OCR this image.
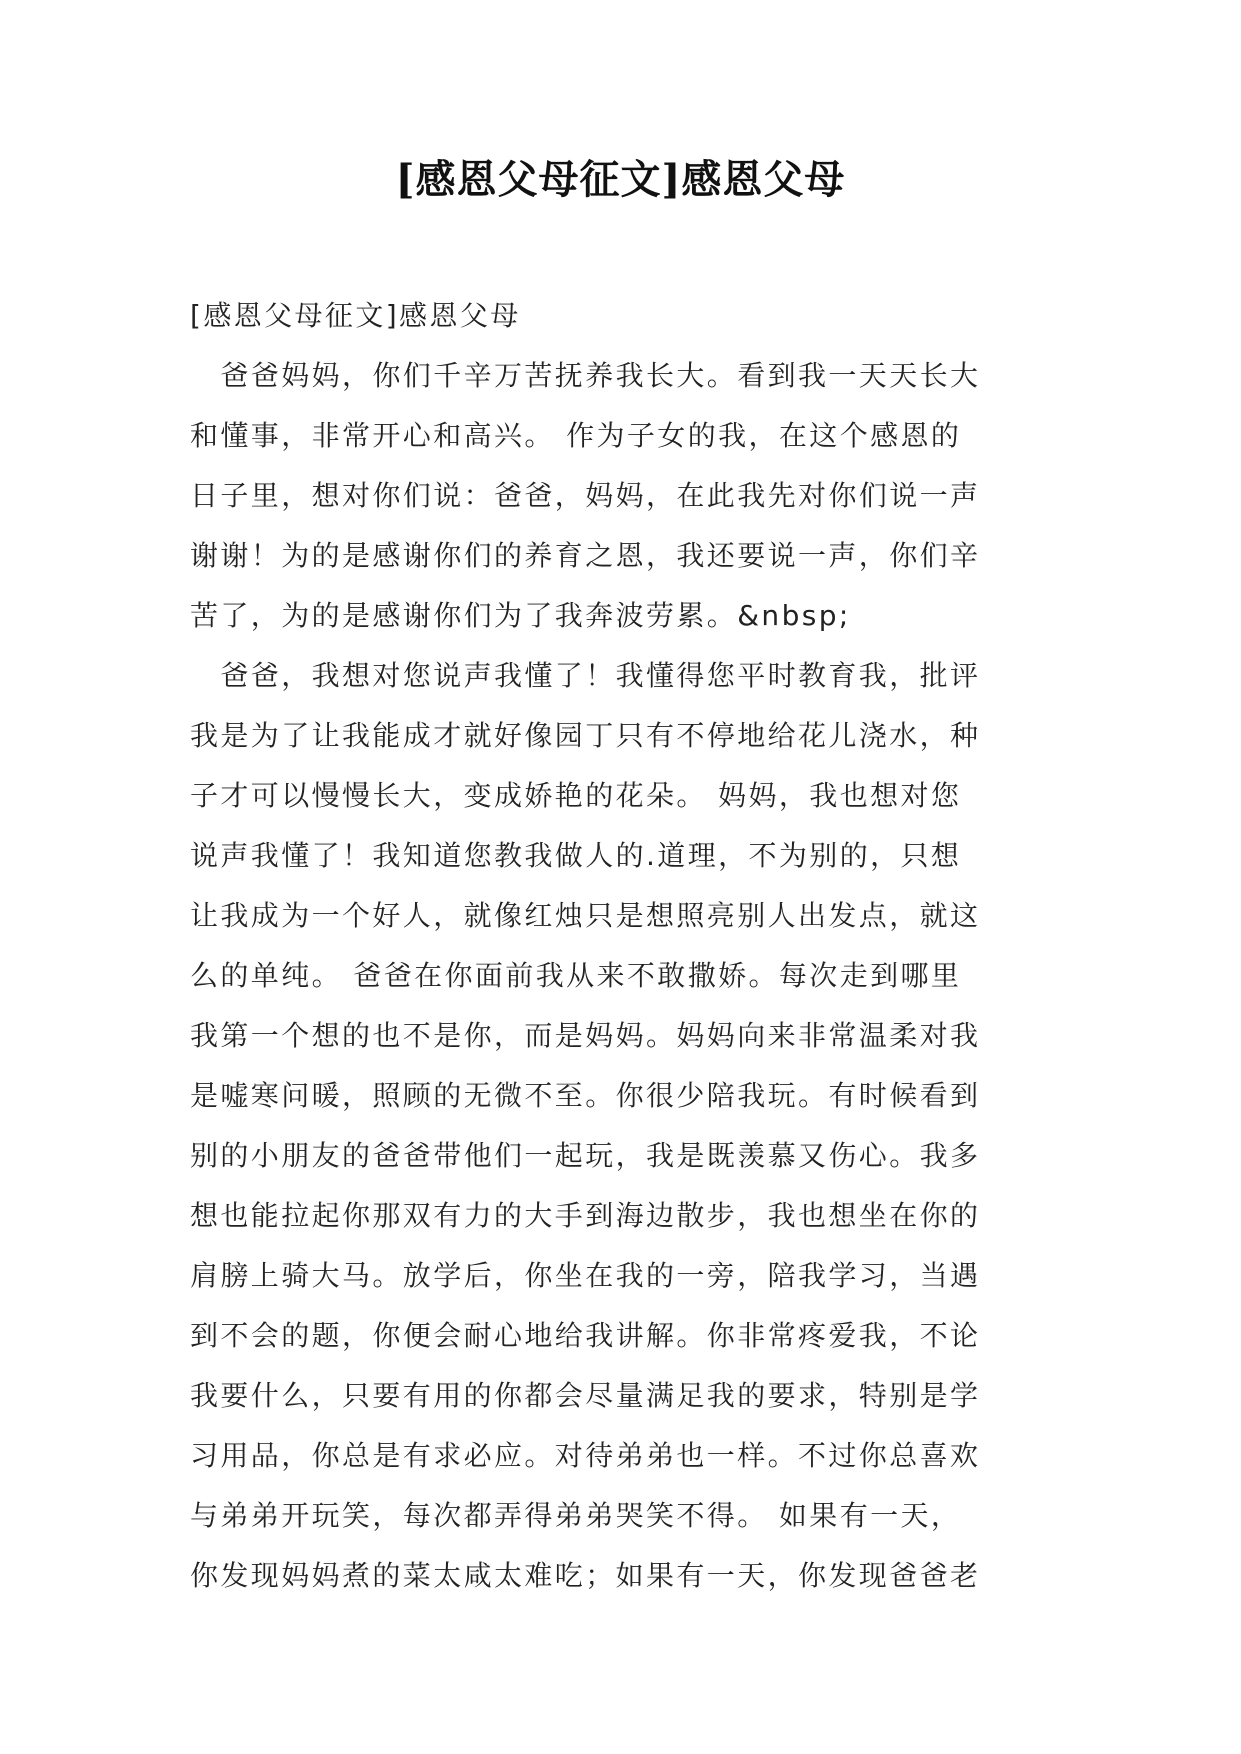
[感恩父母征文]感恩父母
[感恩父母征文]感恩父母
　爸爸妈妈，你们千辛万苦抚养我长大。看到我一天天长大
和懂事，非常开心和高兴。 作为子女的我，在这个感恩的
日子里，想对你们说：爸爸，妈妈，在此我先对你们说一声
谢谢！为的是感谢你们的养育之恩，我还要说一声，你们辛
苦了，为的是感谢你们为了我奔波劳累。&nbsp;
　爸爸，我想对您说声我懂了！我懂得您平时教育我，批评
我是为了让我能成才就好像园丁只有不停地给花儿浇水，种
子才可以慢慢长大，变成娇艳的花朵。 妈妈，我也想对您
说声我懂了！我知道您教我做人的.道理，不为别的，只想
让我成为一个好人，就像红烛只是想照亮别人出发点，就这
么的单纯。 爸爸在你面前我从来不敢撒娇。每次走到哪里
我第一个想的也不是你，而是妈妈。妈妈向来非常温柔对我
是嘘寒问暖，照顾的无微不至。你很少陪我玩。有时候看到
别的小朋友的爸爸带他们一起玩，我是既羡慕又伤心。我多
想也能拉起你那双有力的大手到海边散步，我也想坐在你的
肩膀上骑大马。放学后，你坐在我的一旁，陪我学习，当遇
到不会的题，你便会耐心地给我讲解。你非常疼爱我，不论
我要什么，只要有用的你都会尽量满足我的要求，特别是学
习用品，你总是有求必应。对待弟弟也一样。不过你总喜欢
与弟弟开玩笑，每次都弄得弟弟哭笑不得。 如果有一天，
你发现妈妈煮的菜太咸太难吃；如果有一天，你发现爸爸老
